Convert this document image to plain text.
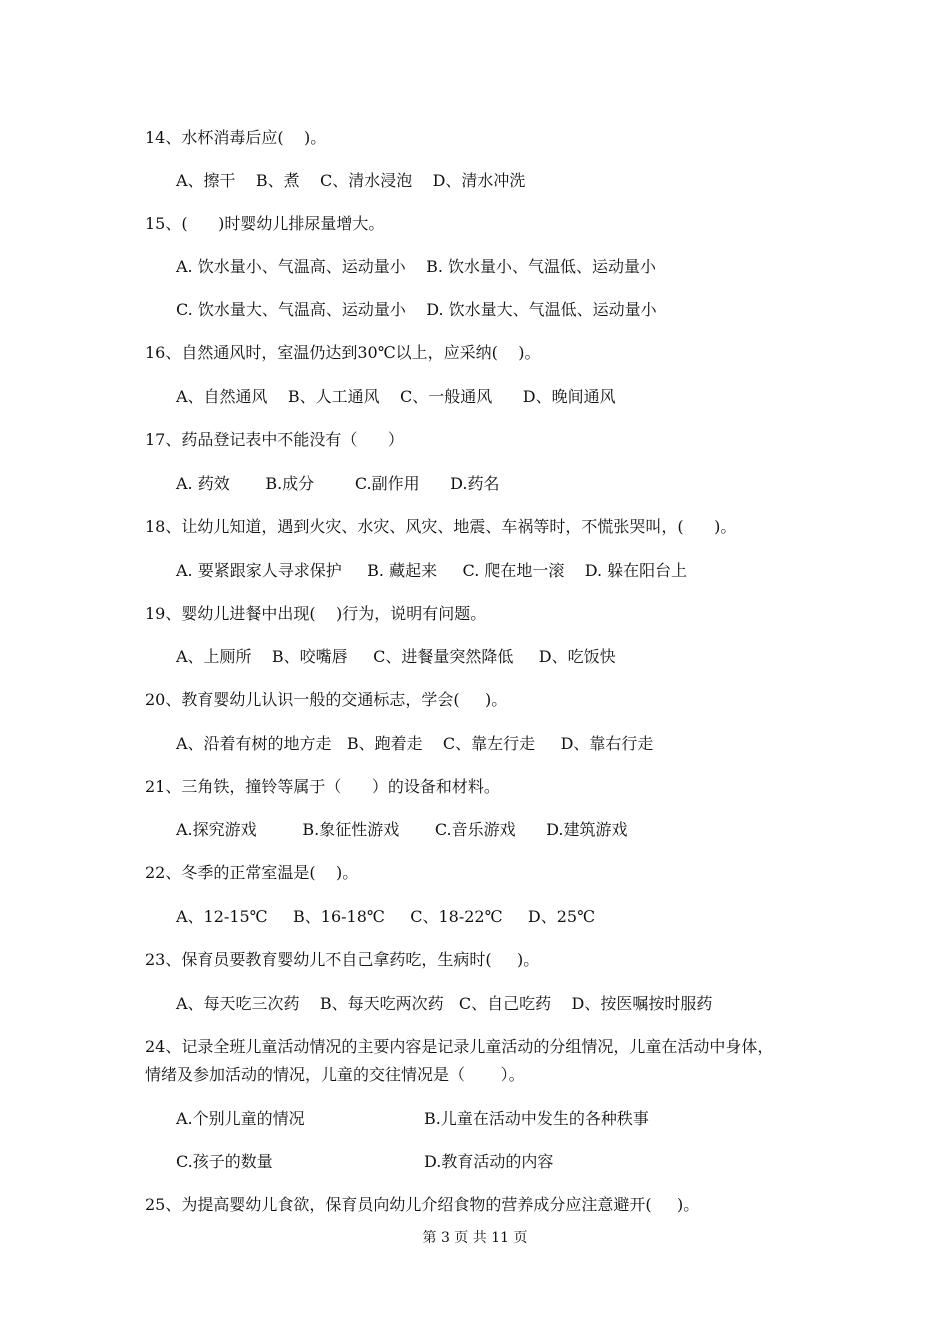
14、水杯消毒后应(    )。
A、擦干    B、煮    C、清水浸泡    D、清水冲洗
15、(      )时婴幼儿排尿量增大。
A. 饮水量小、气温高、运动量小    B. 饮水量小、气温低、运动量小
C. 饮水量大、气温高、运动量小    D. 饮水量大、气温低、运动量小
16、自然通风时，室温仍达到30℃以上，应采纳(    )。
A、自然通风    B、人工通风    C、一般通风      D、晚间通风
17、药品登记表中不能没有（      ）
A. 药效       B.成分        C.副作用      D.药名
18、让幼儿知道，遇到火灾、水灾、风灾、地震、车祸等时，不慌张哭叫，(      )。
A. 要紧跟家人寻求保护     B. 藏起来     C. 爬在地一滚    D. 躲在阳台上
19、婴幼儿进餐中出现(    )行为，说明有问题。
A、上厕所    B、咬嘴唇     C、进餐量突然降低     D、吃饭快
20、教育婴幼儿认识一般的交通标志，学会(     )。
A、沿着有树的地方走   B、跑着走    C、靠左行走     D、靠右行走
21、三角铁，撞铃等属于（      ）的设备和材料。
A.探究游戏         B.象征性游戏       C.音乐游戏      D.建筑游戏
22、冬季的正常室温是(    )。
A、12-15℃     B、16-18℃     C、18-22℃     D、25℃
23、保育员要教育婴幼儿不自己拿药吃，生病时(     )。
A、每天吃三次药    B、每天吃两次药   C、自己吃药    D、按医嘱按时服药
24、记录全班儿童活动情况的主要内容是记录儿童活动的分组情况，儿童在活动中身体，
情绪及参加活动的情况，儿童的交往情况是（       ）。
A.个别儿童的情况	B.儿童在活动中发生的各种秩事
C.孩子的数量	D.教育活动的内容
25、为提高婴幼儿食欲，保育员向幼儿介绍食物的营养成分应注意避开(     )。
第 3 页 共 11 页
